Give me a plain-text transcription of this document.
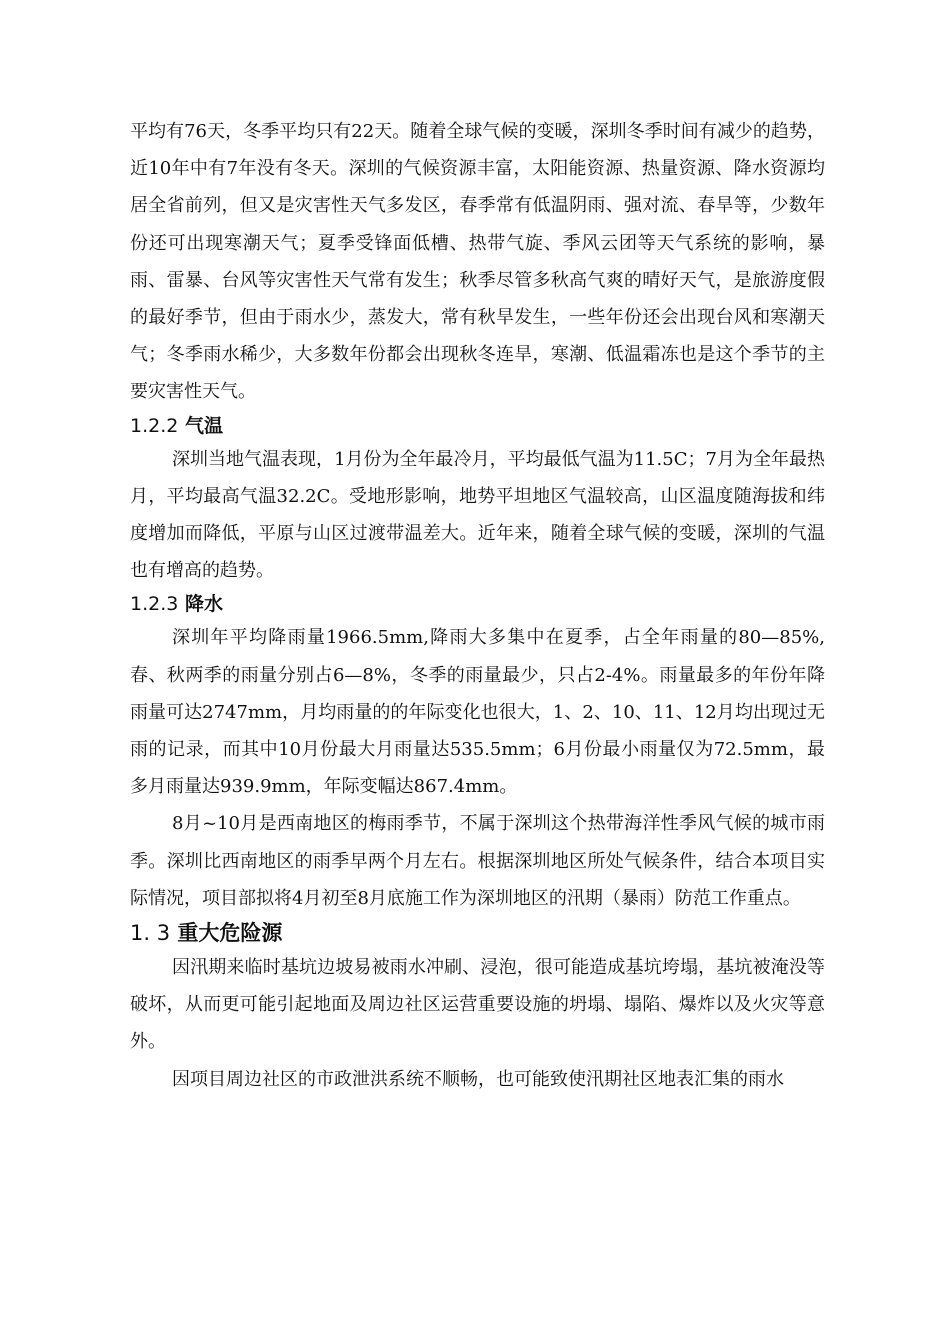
平均有76天，冬季平均只有22天。随着全球气候的变暖，深圳冬季时间有减少的趋势，近10年中有7年没有冬天。深圳的气候资源丰富，太阳能资源、热量资源、降水资源均居全省前列，但又是灾害性天气多发区，春季常有低温阴雨、强对流、春旱等，少数年份还可出现寒潮天气；夏季受锋面低槽、热带气旋、季风云团等天气系统的影响，暴雨、雷暴、台风等灾害性天气常有发生；秋季尽管多秋高气爽的晴好天气，是旅游度假的最好季节，但由于雨水少，蒸发大，常有秋旱发生，一些年份还会出现台风和寒潮天气；冬季雨水稀少，大多数年份都会出现秋冬连旱，寒潮、低温霜冻也是这个季节的主要灾害性天气。

1.2.2 气温

深圳当地气温表现，1月份为全年最冷月，平均最低气温为11.5C；7月为全年最热月，平均最高气温32.2C。受地形影响，地势平坦地区气温较高，山区温度随海拔和纬度增加而降低，平原与山区过渡带温差大。近年来，随着全球气候的变暖，深圳的气温也有增高的趋势。

1.2.3 降水

深圳年平均降雨量1966.5mm,降雨大多集中在夏季，占全年雨量的80—85%,春、秋两季的雨量分别占6—8%，冬季的雨量最少，只占2-4%。雨量最多的年份年降雨量可达2747mm，月均雨量的的年际变化也很大，1、2、10、11、12月均出现过无雨的记录，而其中10月份最大月雨量达535.5mm；6月份最小雨量仅为72.5mm，最多月雨量达939.9mm，年际变幅达867.4mm。

8月~10月是西南地区的梅雨季节，不属于深圳这个热带海洋性季风气候的城市雨季。深圳比西南地区的雨季早两个月左右。根据深圳地区所处气候条件，结合本项目实际情况，项目部拟将4月初至8月底施工作为深圳地区的汛期（暴雨）防范工作重点。

1. 3 重大危险源

因汛期来临时基坑边坡易被雨水冲刷、浸泡，很可能造成基坑垮塌，基坑被淹没等破坏，从而更可能引起地面及周边社区运营重要设施的坍塌、塌陷、爆炸以及火灾等意外。

因项目周边社区的市政泄洪系统不顺畅，也可能致使汛期社区地表汇集的雨水
